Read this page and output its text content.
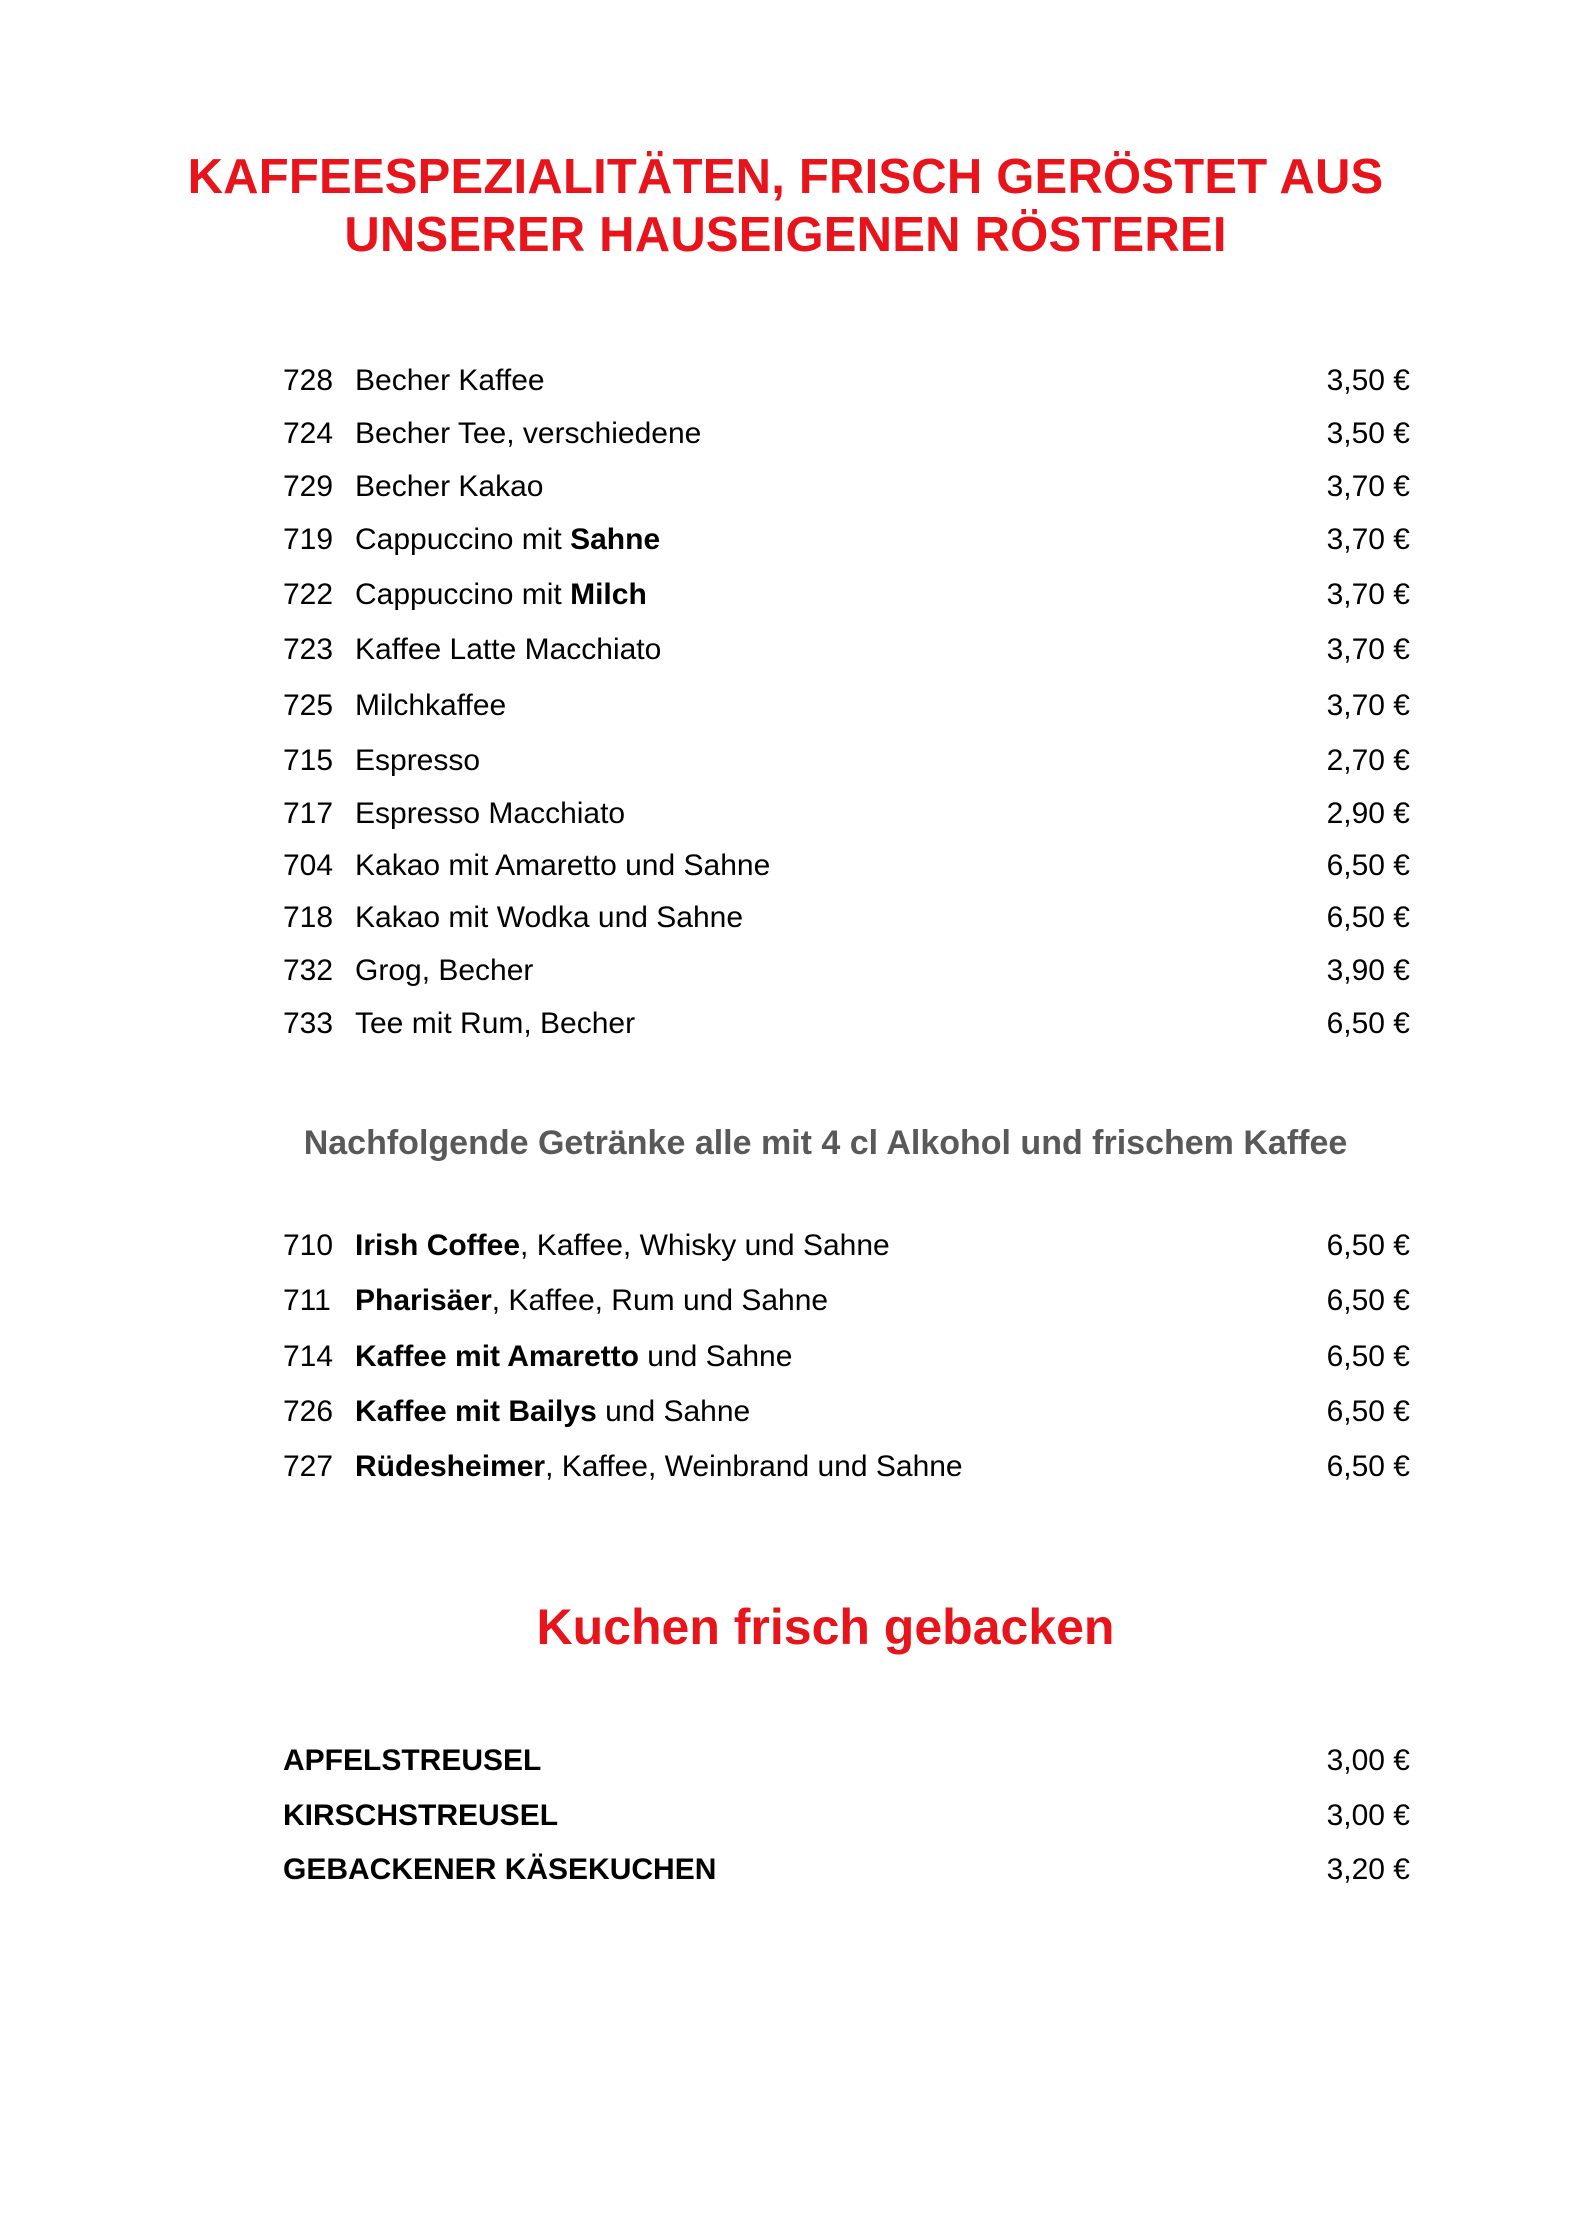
KAFFEESPEZIALITÄTEN, FRISCH GERÖSTET AUS
UNSERER HAUSEIGENEN RÖSTEREI
728 Becher Kaffee	3,50 €
724 Becher Tee, verschiedene	3,50 €
729 Becher Kakao	3,70 €
719 Cappuccino mit Sahne	3,70 €
722 Cappuccino mit Milch	3,70 €
723 Kaffee Latte Macchiato	3,70 €
725 Milchkaffee	3,70 €
715 Espresso	2,70 €
717 Espresso Macchiato	2,90 €
704 Kakao mit Amaretto und Sahne	6,50 €
718 Kakao mit Wodka und Sahne	6,50 €
732 Grog, Becher	3,90 €
733 Tee mit Rum, Becher	6,50 €
Nachfolgende Getränke alle mit 4 cl Alkohol und frischem Kaffee
710 Irish Coffee, Kaffee, Whisky und Sahne	6,50 €
711 Pharisäer, Kaffee, Rum und Sahne	6,50 €
714 Kaffee mit Amaretto und Sahne	6,50 €
726 Kaffee mit Bailys und Sahne	6,50 €
727 Rüdesheimer, Kaffee, Weinbrand und Sahne	6,50 €
Kuchen frisch gebacken
APFELSTREUSEL	3,00 €
KIRSCHSTREUSEL	3,00 €
GEBACKENER KÄSEKUCHEN	3,20 €
